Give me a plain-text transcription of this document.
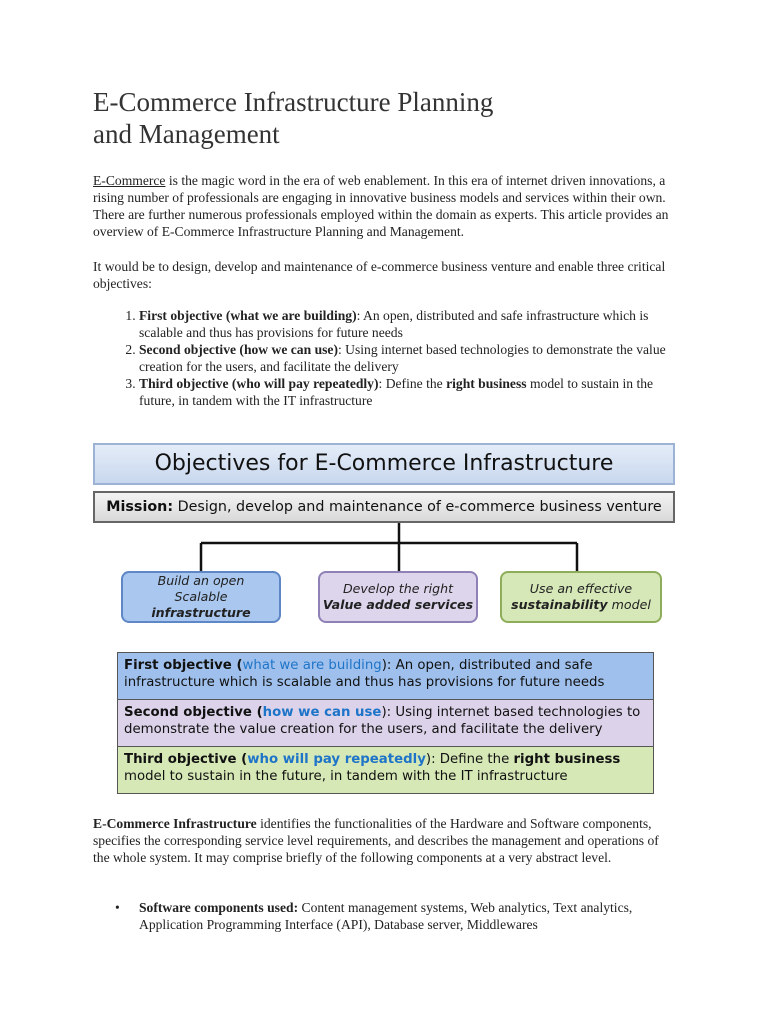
E-Commerce Infrastructure Planning
and Management

E-Commerce is the magic word in the era of web enablement. In this era of internet driven innovations, a rising number of professionals are engaging in innovative business models and services within their own. There are further numerous professionals employed within the domain as experts. This article provides an overview of E-Commerce Infrastructure Planning and Management.

It would be to design, develop and maintenance of e-commerce business venture and enable three critical objectives:

1. First objective (what we are building): An open, distributed and safe infrastructure which is scalable and thus has provisions for future needs
2. Second objective (how we can use): Using internet based technologies to demonstrate the value creation for the users, and facilitate the delivery
3. Third objective (who will pay repeatedly): Define the right business model to sustain in the future, in tandem with the IT infrastructure
Objectives for E-Commerce Infrastructure
Mission: Design, develop and maintenance of e-commerce business venture
Build an open
Scalable infrastructure
Develop the right
Value added services
Use an effective
sustainability model
First objective (what we are building): An open, distributed and safe infrastructure which is scalable and thus has provisions for future needs
Second objective (how we can use): Using internet based technologies to demonstrate the value creation for the users, and facilitate the delivery
Third objective (who will pay repeatedly): Define the right business model to sustain in the future, in tandem with the IT infrastructure

E-Commerce Infrastructure identifies the functionalities of the Hardware and Software components, specifies the corresponding service level requirements, and describes the management and operations of the whole system. It may comprise briefly of the following components at a very abstract level.

• Software components used: Content management systems, Web analytics, Text analytics, Application Programming Interface (API), Database server, Middlewares
